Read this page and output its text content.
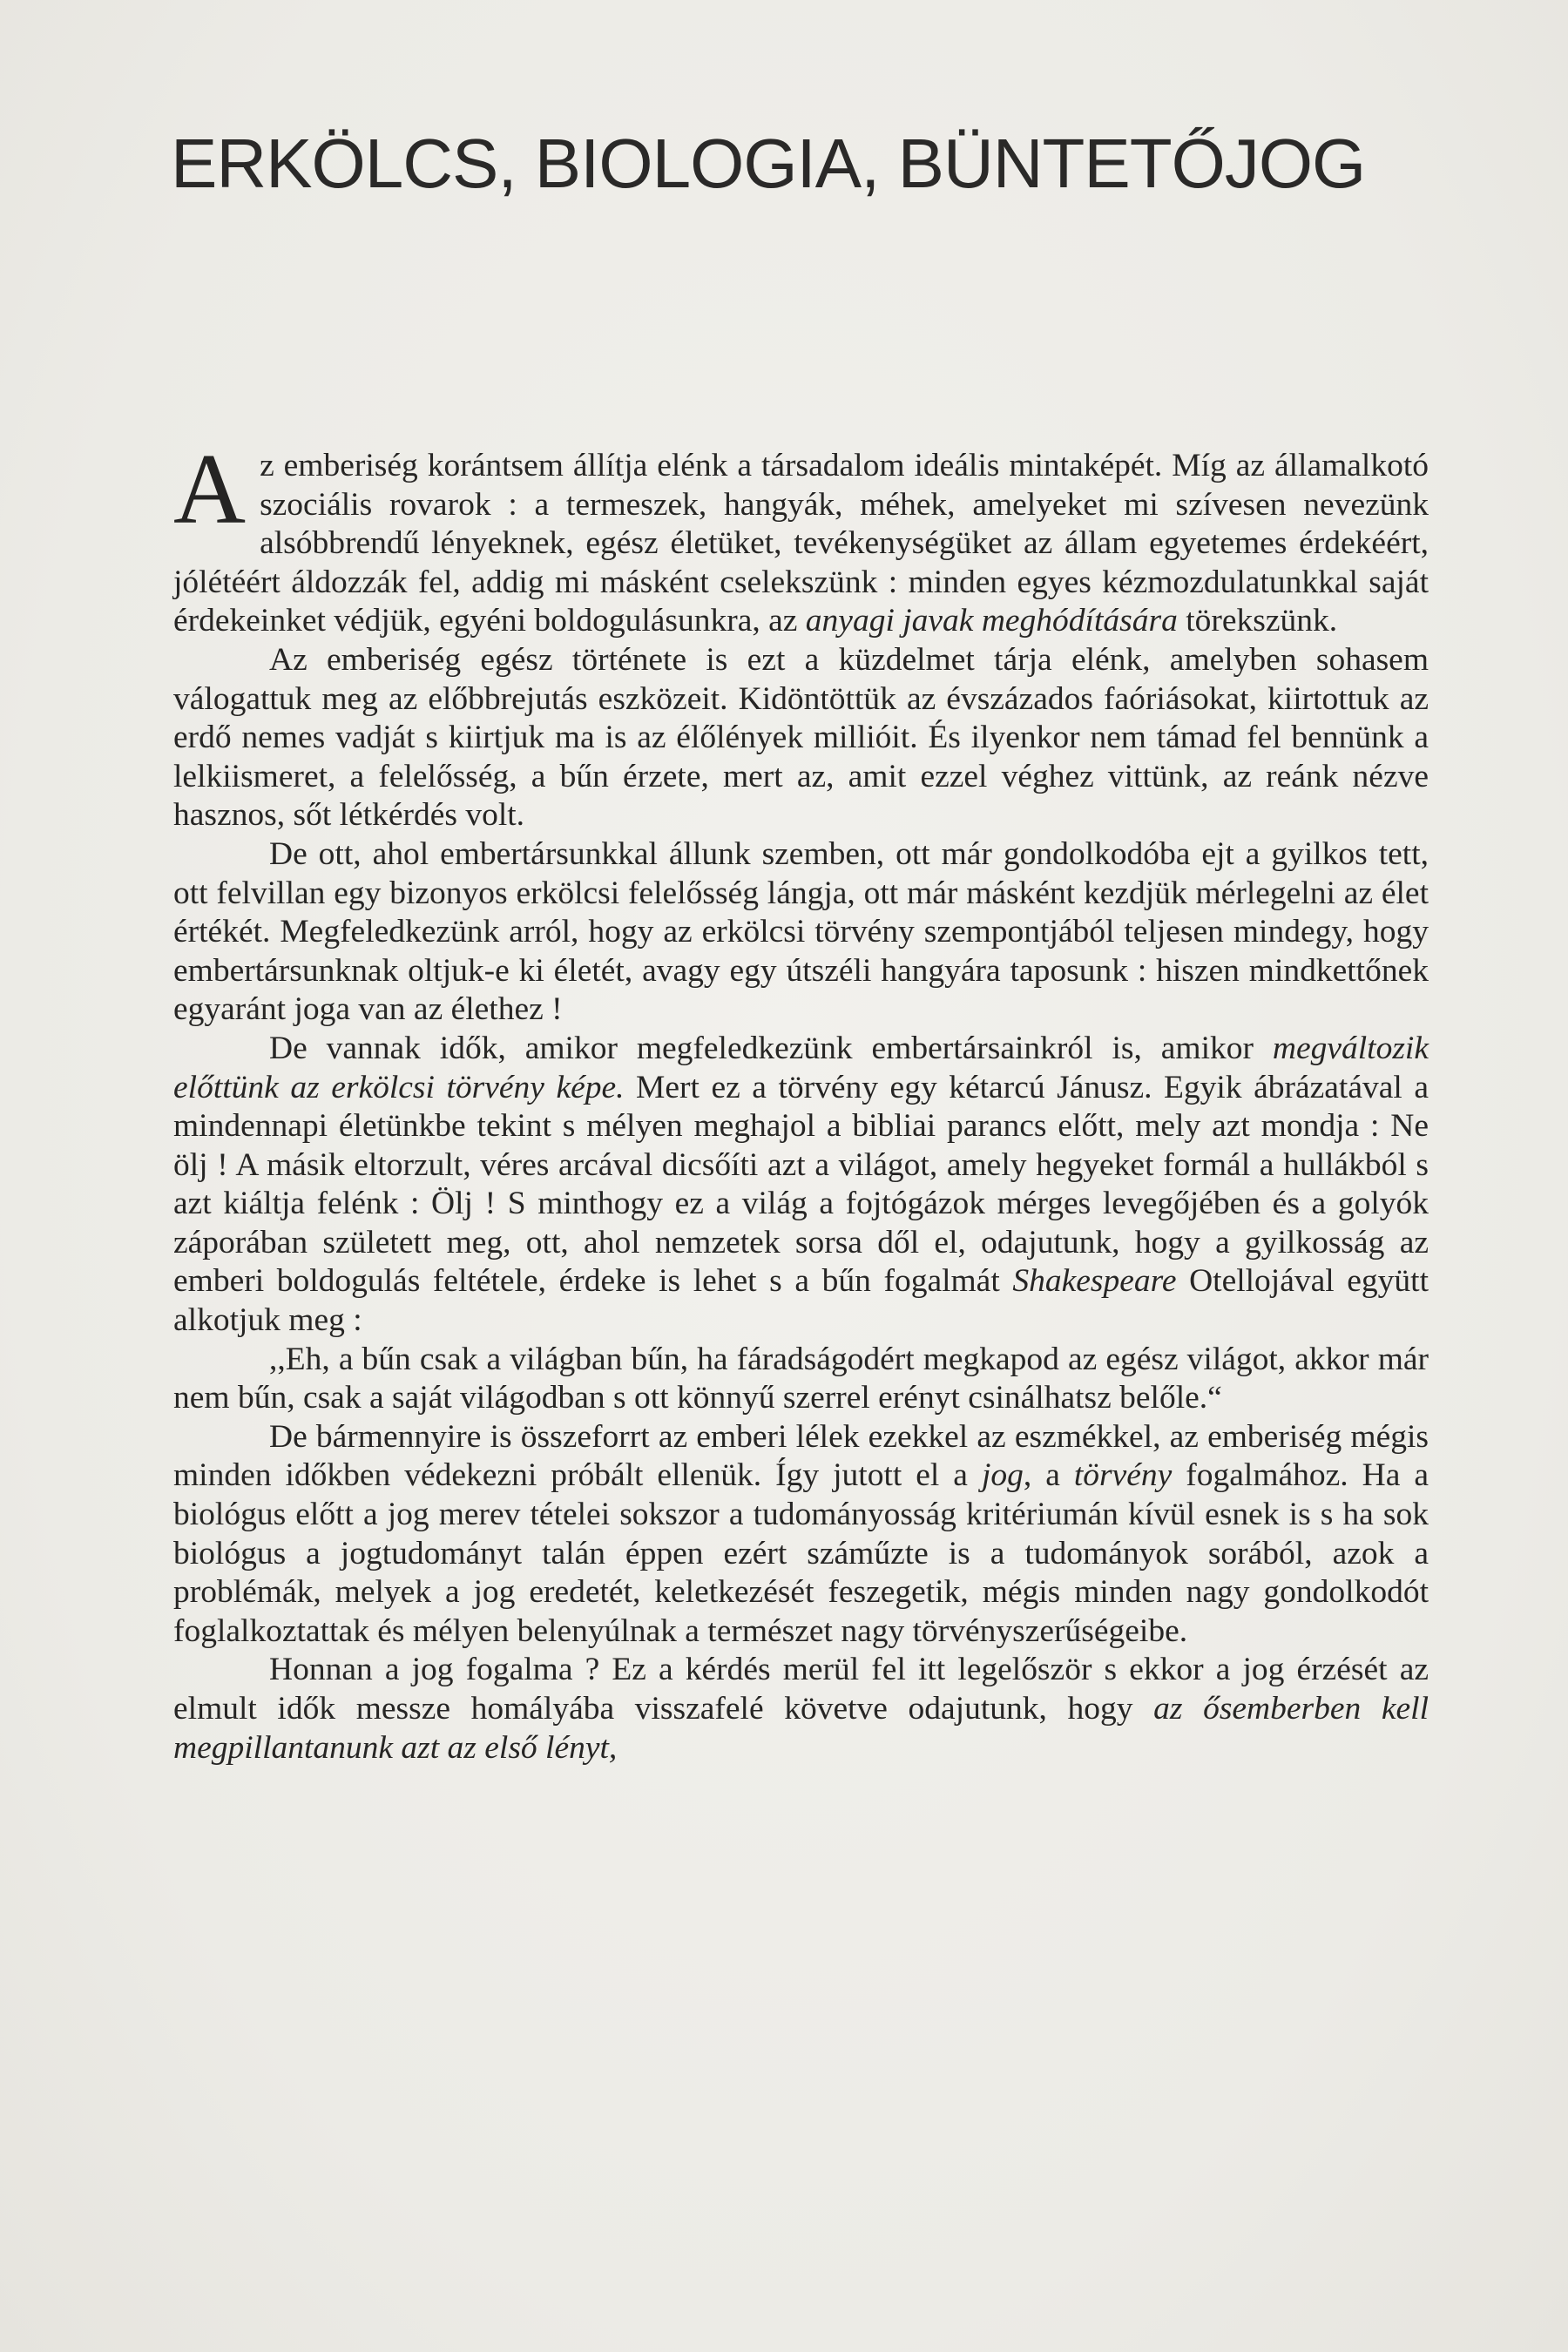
ERKÖLCS, BIOLOGIA, BÜNTETŐJOG

Az emberiség korántsem állítja elénk a társadalom ideális mintaképét. Míg az államalkotó szociális rovarok : a termeszek, hangyák, méhek, amelyeket mi szívesen nevezünk alsóbbrendű lényeknek, egész életüket, tevékenységüket az állam egyetemes érdekéért, jólétéért áldozzák fel, addig mi másként cselekszünk : minden egyes kézmozdulatunkkal saját érdekeinket védjük, egyéni boldogulásunkra, az anyagi javak meghódítására törekszünk.

Az emberiség egész története is ezt a küzdelmet tárja elénk, amelyben sohasem válogattuk meg az előbbrejutás eszközeit. Kidöntöttük az évszázados faóriásokat, kiirtottuk az erdő nemes vadját s kiirtjuk ma is az élőlények millióit. És ilyenkor nem támad fel bennünk a lelkiismeret, a felelősség, a bűn érzete, mert az, amit ezzel véghez vittünk, az reánk nézve hasznos, sőt létkérdés volt.

De ott, ahol embertársunkkal állunk szemben, ott már gondolkodóba ejt a gyilkos tett, ott felvillan egy bizonyos erkölcsi felelősség lángja, ott már másként kezdjük mérlegelni az élet értékét. Megfeledkezünk arról, hogy az erkölcsi törvény szempontjából teljesen mindegy, hogy embertársunknak oltjuk-e ki életét, avagy egy útszéli hangyára taposunk : hiszen mindkettőnek egyaránt joga van az élethez !

De vannak idők, amikor megfeledkezünk embertársainkról is, amikor megváltozik előttünk az erkölcsi törvény képe. Mert ez a törvény egy kétarcú Jánusz. Egyik ábrázatával a mindennapi életünkbe tekint s mélyen meghajol a bibliai parancs előtt, mely azt mondja : Ne ölj ! A másik eltorzult, véres arcával dicsőíti azt a világot, amely hegyeket formál a hullákból s azt kiáltja felénk : Ölj ! S minthogy ez a világ a fojtógázok mérges levegőjében és a golyók záporában született meg, ott, ahol nemzetek sorsa dől el, odajutunk, hogy a gyilkosság az emberi boldogulás feltétele, érdeke is lehet s a bűn fogalmát Shakespeare Otellojával együtt alkotjuk meg :

,,Eh, a bűn csak a világban bűn, ha fáradságodért megkapod az egész világot, akkor már nem bűn, csak a saját világodban s ott könnyű szerrel erényt csinálhatsz belőle.“

De bármennyire is összeforrt az emberi lélek ezekkel az eszmékkel, az emberiség mégis minden időkben védekezni próbált ellenük. Így jutott el a jog, a törvény fogalmához. Ha a biológus előtt a jog merev tételei sokszor a tudományosság kritériumán kívül esnek is s ha sok biológus a jogtudományt talán éppen ezért száműzte is a tudományok sorából, azok a problémák, melyek a jog eredetét, keletkezését feszegetik, mégis minden nagy gondolkodót foglalkoztattak és mélyen belenyúlnak a természet nagy törvényszerűségeibe.

Honnan a jog fogalma ? Ez a kérdés merül fel itt legelőször s ekkor a jog érzését az elmult idők messze homályába visszafelé követve odajutunk, hogy az ősemberben kell megpillantanunk azt az első lényt,
